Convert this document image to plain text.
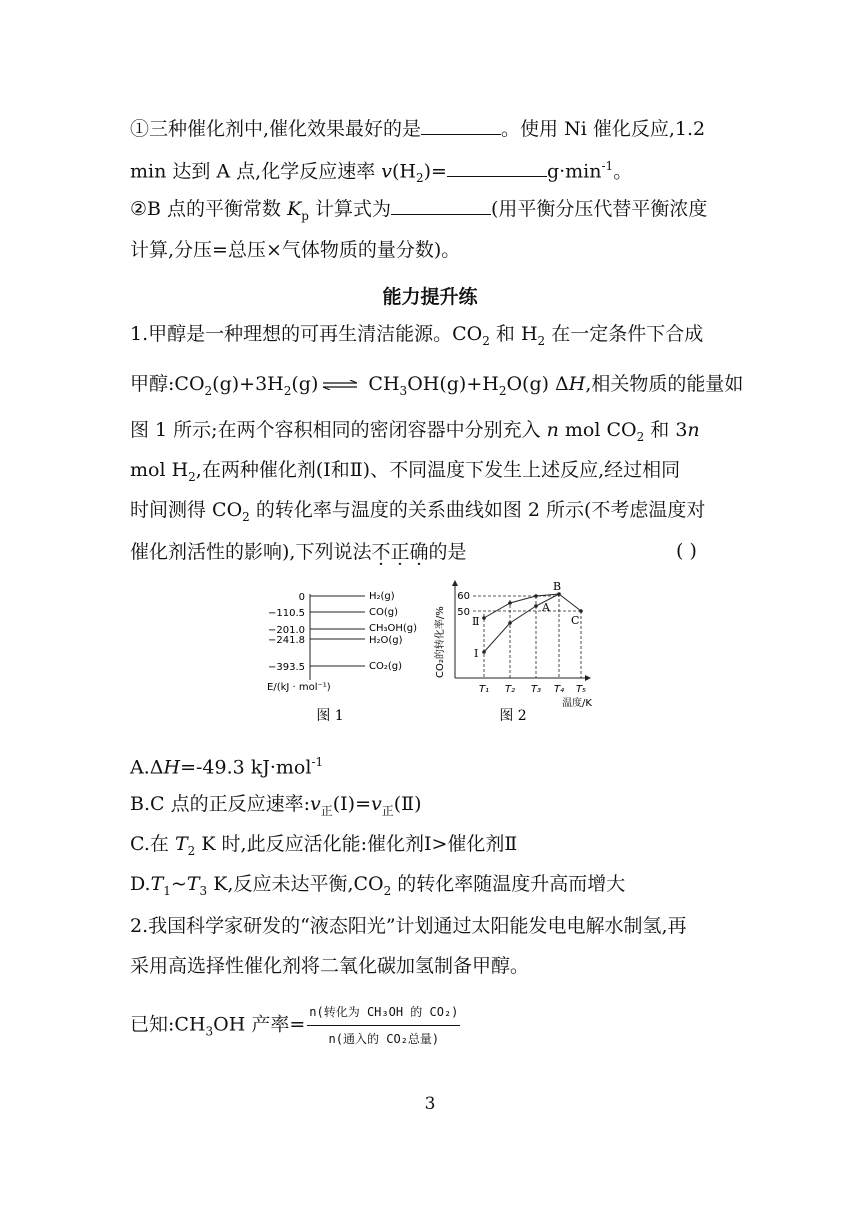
①三种催化剂中,催化效果最好的是	。使用 Ni 催化反应,1.2
min 达到 A 点,化学反应速率 $v(H_2)=$	$g\cdot\min^{-1}$。
②B 点的平衡常数 $K_p$ 计算式为	(用平衡分压代替平衡浓度
计算,分压=总压×气体物质的量分数)。
能力提升练
1.甲醇是一种理想的可再生清洁能源。$CO_2$ 和 $H_2$ 在一定条件下合成
甲醇$:CO_2(g)+3H_2(g)$ ⇌ $CH_3OH(g)+H_2O(g)$ ΔH,相关物质的能量如
图 1 所示;在两个容积相同的密闭容器中分别充入 n mol $CO_2$ 和 3n
mol $H_2$,在两种催化剂(Ⅰ和Ⅱ)、不同温度下发生上述反应,经过相同
时间测得 $CO_2$ 的转化率与温度的关系曲线如图 2 所示(不考虑温度对
催化剂活性的影响),下列说法不正确的是	( )
0
−110.5
−201.0
−241.8
−393.5
H₂(g)
CO(g)
CH₃OH(g)
H₂O(g)
CO₂(g)
E/(kJ · mol⁻¹)
图 1
CO₂的转化率/%
60
50
Ⅱ
Ⅰ
B
A
C
T₁ T₂ T₃ T₄ T₅
温度/K
图 2
A.ΔH=-49.3 kJ·mol$^{-1}$
B.C 点的正反应速率$:v_正(Ⅰ)=v_正(Ⅱ)$
C.在 $T_2$ K 时,此反应活化能:催化剂Ⅰ>催化剂Ⅱ
$D.T_1\sim T_3$ K,反应未达平衡$,CO_2$ 的转化率随温度升高而增大
2.我国科学家研发的“液态阳光”计划通过太阳能发电电解水制氢,再
采用高选择性催化剂将二氧化碳加氢制备甲醇。
已知$:CH_3OH$ 产率= $\frac{\text{n(转化为 CH₃OH 的 CO₂)}}{\text{n(通入的 CO₂总量)}}$
3
